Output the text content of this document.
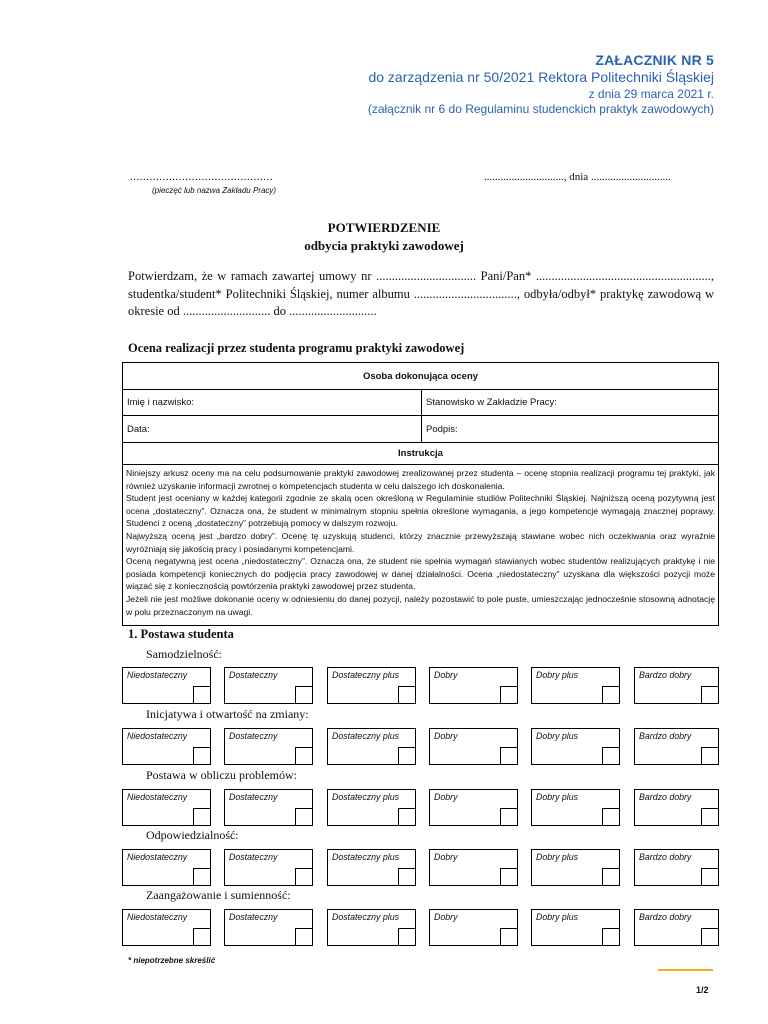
ZAŁACZNIK NR 5
do zarządzenia nr 50/2021 Rektora Politechniki Śląskiej
z dnia 29 marca 2021 r.
(załącznik nr 6 do Regulaminu studenckich praktyk zawodowych)
............................................
(pieczęć lub nazwa Zakładu Pracy)
............................., dnia .............................
POTWIERDZENIE
odbycia praktyki zawodowej
Potwierdzam, że w ramach zawartej umowy nr ................................ Pani/Pan* ........................................................, studentka/student* Politechniki Śląskiej, numer albumu ................................., odbyła/odbył* praktykę zawodową w okresie od ............................ do ............................
Ocena realizacji przez studenta programu praktyki zawodowej
Osoba dokonująca oceny
Imię i nazwisko:	Stanowisko w Zakładzie Pracy:
Data:	Podpis:
Instrukcja
Niniejszy arkusz oceny ma na celu podsumowanie praktyki zawodowej zrealizowanej przez studenta – ocenę stopnia realizacji programu tej praktyki, jak również uzyskanie informacji zwrotnej o kompetencjach studenta w celu dalszego ich doskonalenia.
Student jest oceniany w każdej kategorii zgodnie ze skalą ocen określoną w Regulaminie studiów Politechniki Śląskiej. Najniższą oceną pozytywną jest ocena „dostateczny”. Oznacza ona, że student w minimalnym stopniu spełnia określone wymagania, a jego kompetencje wymagają znacznej poprawy. Studenci z oceną „dostateczny” potrzebują pomocy w dalszym rozwoju.
Najwyższą oceną jest „bardzo dobry”. Ocenę tę uzyskują studenci, którzy znacznie przewyższają stawiane wobec nich oczekiwania oraz wyraźnie wyróżniają się jakością pracy i posiadanymi kompetencjami.
Oceną negatywną jest ocena „niedostateczny”. Oznacza ona, że student nie spełnia wymagań stawianych wobec studentów realizujących praktykę i nie posiada kompetencji koniecznych do podjęcia pracy zawodowej w danej działalności. Ocena „niedostateczny” uzyskana dla większości pozycji może wiązać się z koniecznością powtórzenia praktyki zawodowej przez studenta.
Jeżeli nie jest możliwe dokonanie oceny w odniesieniu do danej pozycji, należy pozostawić to pole puste, umieszczając jednocześnie stosowną adnotację w polu przeznaczonym na uwagi.
1. Postawa studenta
Samodzielność:
Niedostateczny	Dostateczny	Dostateczny plus	Dobry	Dobry plus	Bardzo dobry
Inicjatywa i otwartość na zmiany:
Niedostateczny	Dostateczny	Dostateczny plus	Dobry	Dobry plus	Bardzo dobry
Postawa w obliczu problemów:
Niedostateczny	Dostateczny	Dostateczny plus	Dobry	Dobry plus	Bardzo dobry
Odpowiedzialność:
Niedostateczny	Dostateczny	Dostateczny plus	Dobry	Dobry plus	Bardzo dobry
Zaangażowanie i sumienność:
Niedostateczny	Dostateczny	Dostateczny plus	Dobry	Dobry plus	Bardzo dobry
* niepotrzebne skreślić
1/2
